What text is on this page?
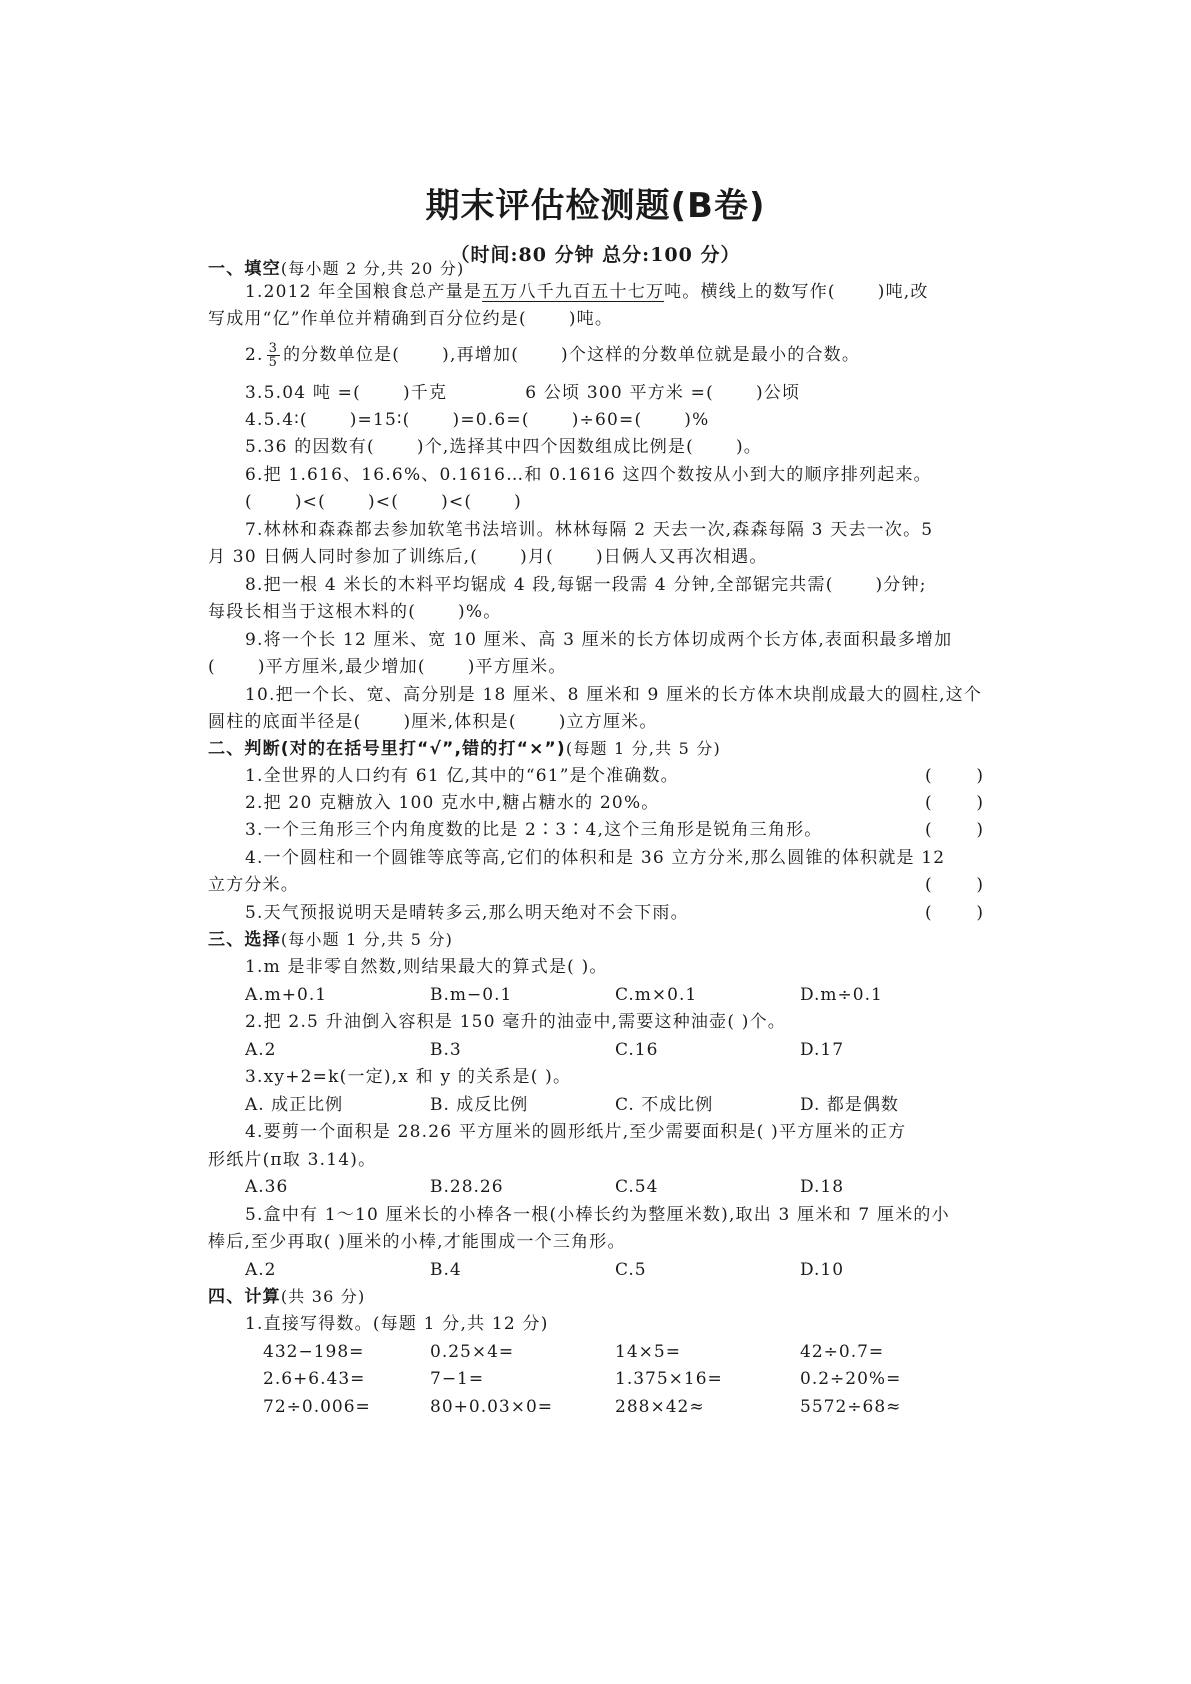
期末评估检测题(B卷)
（时间:80 分钟 总分:100 分）
一、填空(每小题 2 分,共 20 分)
1.2012 年全国粮食总产量是五万八千九百五十七万吨。横线上的数写作( )吨,改
写成用“亿”作单位并精确到百分位约是( )吨。
2. $\frac{3}{5}$ 的分数单位是( ),再增加( )个这样的分数单位就是最小的合数。
3.5.04 吨 =( )千克	6 公顷 300 平方米 =( )公顷
4.5.4∶( )=15∶( )=0.6=( )÷60=( )%
5.36 的因数有( )个,选择其中四个因数组成比例是( )。
6.把 1.616、16.6%、0.1616…和 0.1616 这四个数按从小到大的顺序排列起来。
( )<( )<( )<( )
7.林林和森森都去参加软笔书法培训。林林每隔 2 天去一次,森森每隔 3 天去一次。5
月 30 日俩人同时参加了训练后,( )月( )日俩人又再次相遇。
8.把一根 4 米长的木料平均锯成 4 段,每锯一段需 4 分钟,全部锯完共需( )分钟;
每段长相当于这根木料的( )%。
9.将一个长 12 厘米、宽 10 厘米、高 3 厘米的长方体切成两个长方体,表面积最多增加
( )平方厘米,最少增加( )平方厘米。
10.把一个长、宽、高分别是 18 厘米、8 厘米和 9 厘米的长方体木块削成最大的圆柱,这个
圆柱的底面半径是( )厘米,体积是( )立方厘米。
二、判断(对的在括号里打“√”,错的打“×”)(每题 1 分,共 5 分)
1.全世界的人口约有 61 亿,其中的“61”是个准确数。	(	)
2.把 20 克糖放入 100 克水中,糖占糖水的 20%。	(	)
3.一个三角形三个内角度数的比是 2∶3∶4,这个三角形是锐角三角形。	(	)
4.一个圆柱和一个圆锥等底等高,它们的体积和是 36 立方分米,那么圆锥的体积就是 12
立方分米。	(	)
5.天气预报说明天是晴转多云,那么明天绝对不会下雨。	(	)
三、选择(每小题 1 分,共 5 分)
1.m 是非零自然数,则结果最大的算式是( )。
A.m+0.1	B.m−0.1	C.m×0.1	D.m÷0.1
2.把 2.5 升油倒入容积是 150 毫升的油壶中,需要这种油壶( )个。
A.2	B.3	C.16	D.17
3.xy+2=k(一定),x 和 y 的关系是( )。
A. 成正比例	B. 成反比例	C. 不成比例	D. 都是偶数
4.要剪一个面积是 28.26 平方厘米的圆形纸片,至少需要面积是( )平方厘米的正方
形纸片(π取 3.14)。
A.36	B.28.26	C.54	D.18
5.盒中有 1～10 厘米长的小棒各一根(小棒长约为整厘米数),取出 3 厘米和 7 厘米的小
棒后,至少再取( )厘米的小棒,才能围成一个三角形。
A.2	B.4	C.5	D.10
四、计算(共 36 分)
1.直接写得数。(每题 1 分,共 12 分)
432−198=	0.25×4=	14×5=	42÷0.7=
2.6+6.43=	7−1=	1.375×16=	0.2÷20%=
72÷0.006=	80+0.03×0=	288×42≈	5572÷68≈
